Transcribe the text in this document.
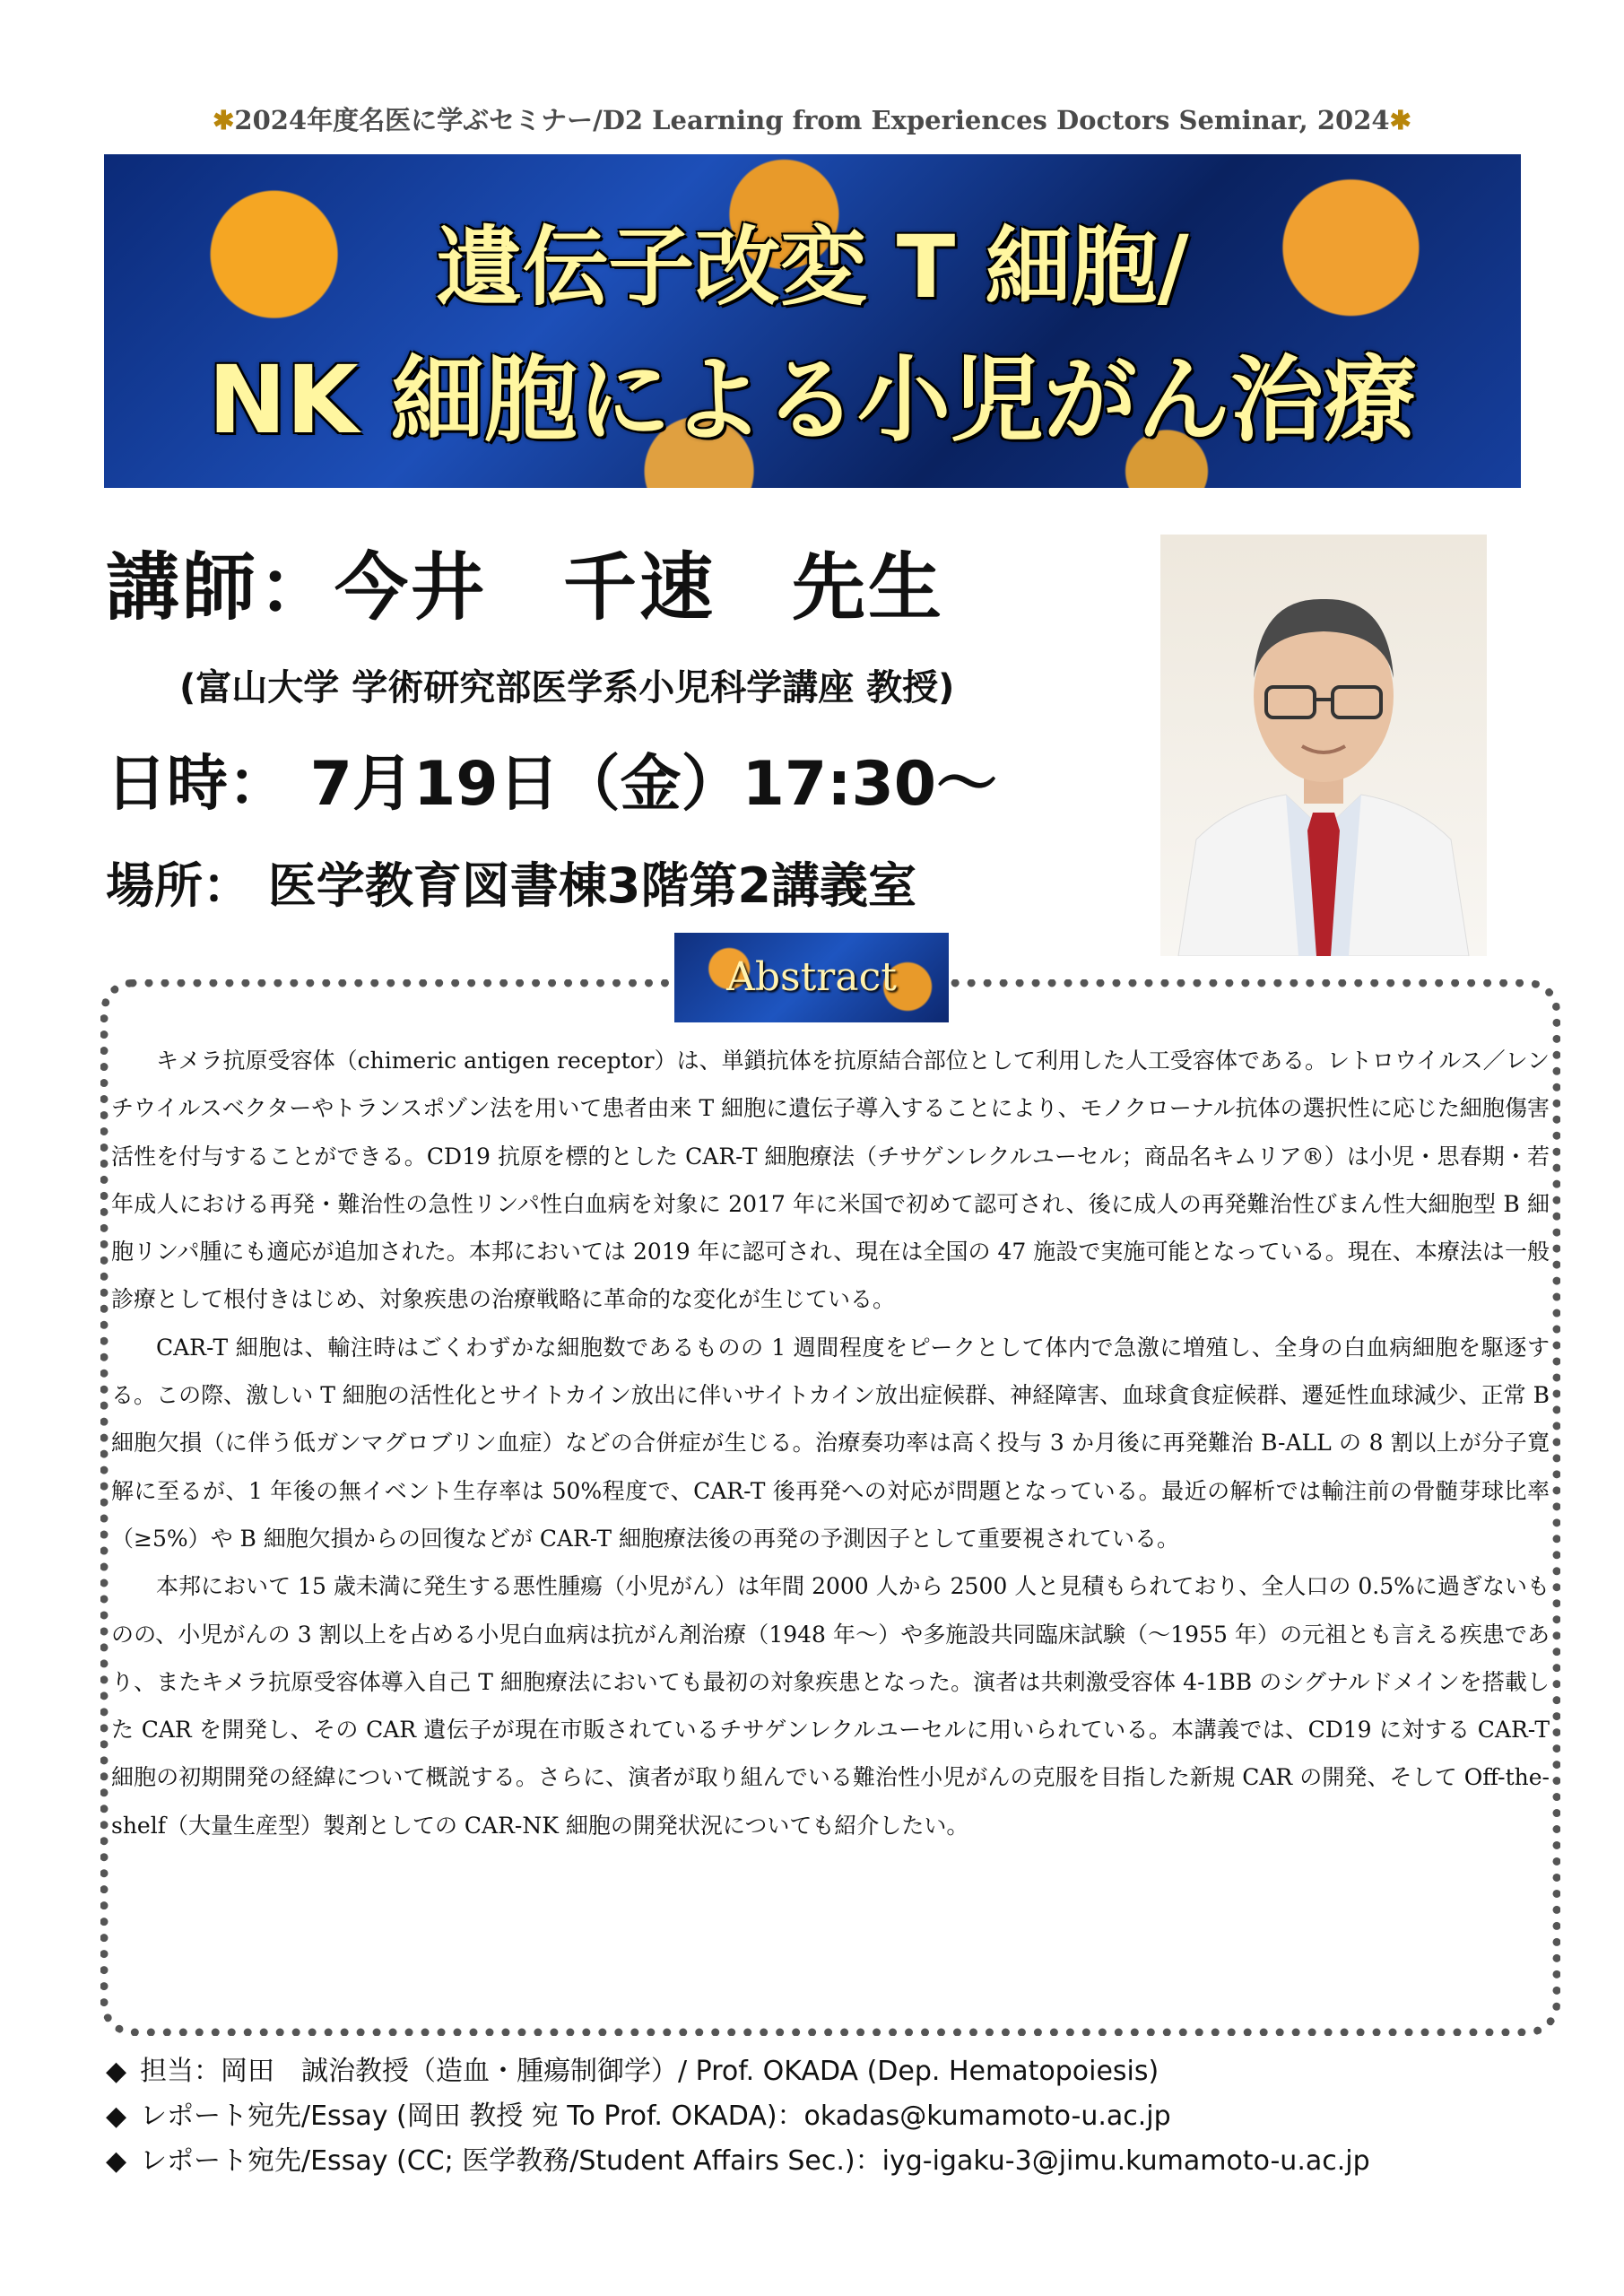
✱2024年度名医に学ぶセミナー/D2 Learning from Experiences Doctors Seminar, 2024✱
遺伝子改変 T 細胞/
NK 細胞による小児がん治療
講師：今井　千速　先生
(富山大学 学術研究部医学系小児科学講座 教授)
日時： 7月19日（金）17:30～
場所： 医学教育図書棟3階第2講義室
Abstract

キメラ抗原受容体（chimeric antigen receptor）は、単鎖抗体を抗原結合部位として利用した人工受容体である。レトロウイルス／レンチウイルスベクターやトランスポゾン法を用いて患者由来 T 細胞に遺伝子導入することにより、モノクローナル抗体の選択性に応じた細胞傷害活性を付与することができる。CD19 抗原を標的とした CAR-T 細胞療法（チサゲンレクルユーセル；商品名キムリア®）は小児・思春期・若年成人における再発・難治性の急性リンパ性白血病を対象に 2017 年に米国で初めて認可され、後に成人の再発難治性びまん性大細胞型 B 細胞リンパ腫にも適応が追加された。本邦においては 2019 年に認可され、現在は全国の 47 施設で実施可能となっている。現在、本療法は一般診療として根付きはじめ、対象疾患の治療戦略に革命的な変化が生じている。

CAR-T 細胞は、輸注時はごくわずかな細胞数であるものの 1 週間程度をピークとして体内で急激に増殖し、全身の白血病細胞を駆逐する。この際、激しい T 細胞の活性化とサイトカイン放出に伴いサイトカイン放出症候群、神経障害、血球貪食症候群、遷延性血球減少、正常 B 細胞欠損（に伴う低ガンマグロブリン血症）などの合併症が生じる。治療奏功率は高く投与 3 か月後に再発難治 B-ALL の 8 割以上が分子寛解に至るが、1 年後の無イベント生存率は 50%程度で、CAR-T 後再発への対応が問題となっている。最近の解析では輸注前の骨髄芽球比率（≥5%）や B 細胞欠損からの回復などが CAR-T 細胞療法後の再発の予測因子として重要視されている。

本邦において 15 歳未満に発生する悪性腫瘍（小児がん）は年間 2000 人から 2500 人と見積もられており、全人口の 0.5%に過ぎないものの、小児がんの 3 割以上を占める小児白血病は抗がん剤治療（1948 年～）や多施設共同臨床試験（～1955 年）の元祖とも言える疾患であり、またキメラ抗原受容体導入自己 T 細胞療法においても最初の対象疾患となった。演者は共刺激受容体 4-1BB のシグナルドメインを搭載した CAR を開発し、その CAR 遺伝子が現在市販されているチサゲンレクルユーセルに用いられている。本講義では、CD19 に対する CAR-T 細胞の初期開発の経緯について概説する。さらに、演者が取り組んでいる難治性小児がんの克服を目指した新規 CAR の開発、そして Off-the-shelf（大量生産型）製剤としての CAR-NK 細胞の開発状況についても紹介したい。

◆ 担当：岡田　誠治教授（造血・腫瘍制御学）/ Prof. OKADA (Dep. Hematopoiesis)
◆ レポート宛先/Essay (岡田 教授 宛 To Prof. OKADA)：okadas@kumamoto-u.ac.jp
◆ レポート宛先/Essay (CC; 医学教務/Student Affairs Sec.)：iyg-igaku-3@jimu.kumamoto-u.ac.jp
